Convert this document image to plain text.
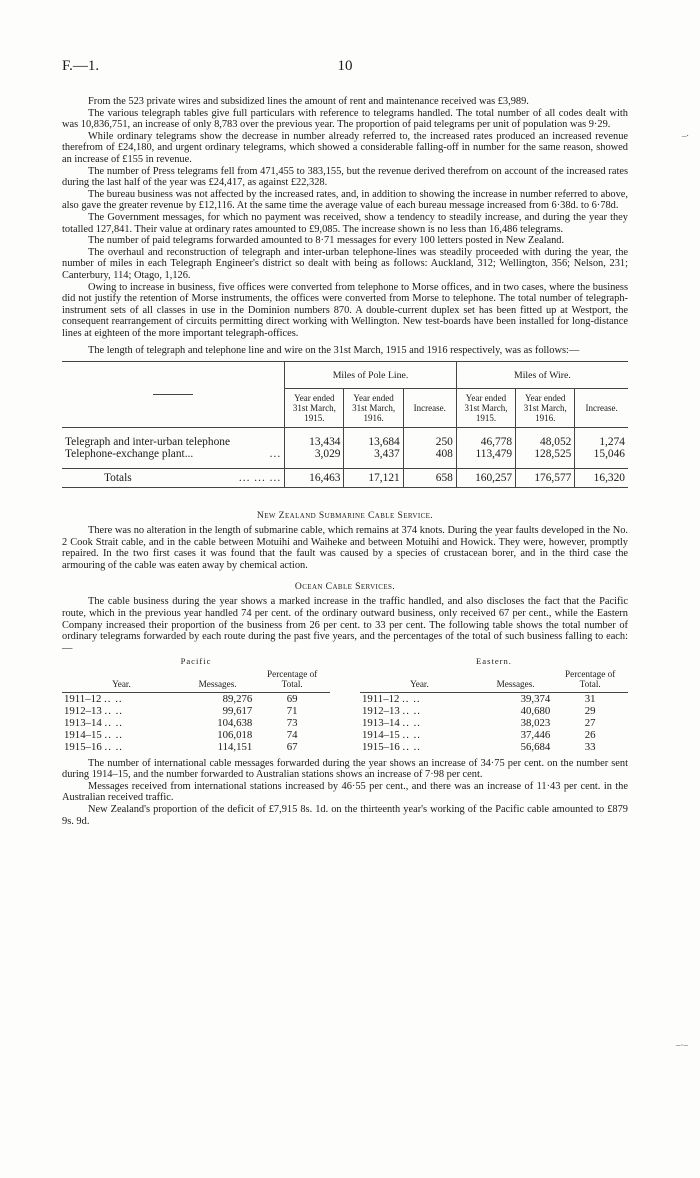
_.
–·–
F.—1.	10

From the 523 private wires and subsidized lines the amount of rent and maintenance received was £3,989.

The various telegraph tables give full particulars with reference to telegrams handled. The total number of all codes dealt with was 10,836,751, an increase of only 8,783 over the previous year. The proportion of paid telegrams per unit of population was 9·29.

While ordinary telegrams show the decrease in number already referred to, the increased rates produced an increased revenue therefrom of £24,180, and urgent ordinary telegrams, which showed a considerable falling-off in number for the same reason, showed an increase of £155 in revenue.

The number of Press telegrams fell from 471,455 to 383,155, but the revenue derived therefrom on account of the increased rates during the last half of the year was £24,417, as against £22,328.

The bureau business was not affected by the increased rates, and, in addition to showing the increase in number referred to above, also gave the greater revenue by £12,116. At the same time the average value of each bureau message increased from 6·38d. to 6·78d.

The Government messages, for which no payment was received, show a tendency to steadily increase, and during the year they totalled 127,841. Their value at ordinary rates amounted to £9,085. The increase shown is no less than 16,486 telegrams.

The number of paid telegrams forwarded amounted to 8·71 messages for every 100 letters posted in New Zealand.

The overhaul and reconstruction of telegraph and inter-urban telephone-lines was steadily proceeded with during the year, the number of miles in each Telegraph Engineer's district so dealt with being as follows: Auckland, 312; Wellington, 356; Nelson, 231; Canterbury, 114; Otago, 1,126.

Owing to increase in business, five offices were converted from telephone to Morse offices, and in two cases, where the business did not justify the retention of Morse instruments, the offices were converted from Morse to telephone. The total number of telegraph-instrument sets of all classes in use in the Dominion numbers 870. A double-current duplex set has been fitted up at Westport, the consequent rearrangement of circuits permitting direct working with Wellington. New test-boards have been installed for long-distance lines at eighteen of the more important telegraph-offices.

The length of telegraph and telephone line and wire on the 31st March, 1915 and 1916 respectively, was as follows:—

	Miles of Pole Line.			Miles of Wire.		
	Year ended 31st March, 1915.	Year ended 31st March, 1916.	Increase.	Year ended 31st March, 1915.	Year ended 31st March, 1916.	Increase.

Telegraph and inter-urban telephone	13,434	13,684	250	46,778	48,052	1,274
Telephone-exchange plant... ...	3,029	3,437	408	113,479	128,525	15,046

Totals ... ... ...	16,463	17,121	658	160,257	176,577	16,320
New Zealand Submarine Cable Service.

There was no alteration in the length of submarine cable, which remains at 374 knots. During the year faults developed in the No. 2 Cook Strait cable, and in the cable between Motuihi and Waiheke and between Motuihi and Howick. They were, however, promptly repaired. In the two first cases it was found that the fault was caused by a species of crustacean borer, and in the third case the armouring of the cable was eaten away by chemical action.

Ocean Cable Services.

The cable business during the year shows a marked increase in the traffic handled, and also discloses the fact that the Pacific route, which in the previous year handled 74 per cent. of the ordinary outward business, only received 67 per cent., while the Eastern Company increased their proportion of the business from 26 per cent. to 33 per cent. The following table shows the total number of ordinary telegrams forwarded by each route during the past five years, and the percentages of the total of such business falling to each:—

Pacific
Year.	Messages.	Percentage of Total.
1911–12 .. ..	89,276	69
1912–13 .. ..	99,617	71
1913–14 .. ..	104,638	73
1914–15 .. ..	106,018	74
1915–16 .. ..	114,151	67
Eastern.
Year.	Messages.	Percentage of Total.
1911–12 .. ..	39,374	31
1912–13 .. ..	40,680	29
1913–14 .. ..	38,023	27
1914–15 .. ..	37,446	26
1915–16 .. ..	56,684	33

The number of international cable messages forwarded during the year shows an increase of 34·75 per cent. on the number sent during 1914–15, and the number forwarded to Australian stations shows an increase of 7·98 per cent.

Messages received from international stations increased by 46·55 per cent., and there was an increase of 11·43 per cent. in the Australian received traffic.

New Zealand's proportion of the deficit of £7,915 8s. 1d. on the thirteenth year's working of the Pacific cable amounted to £879 9s. 9d.
